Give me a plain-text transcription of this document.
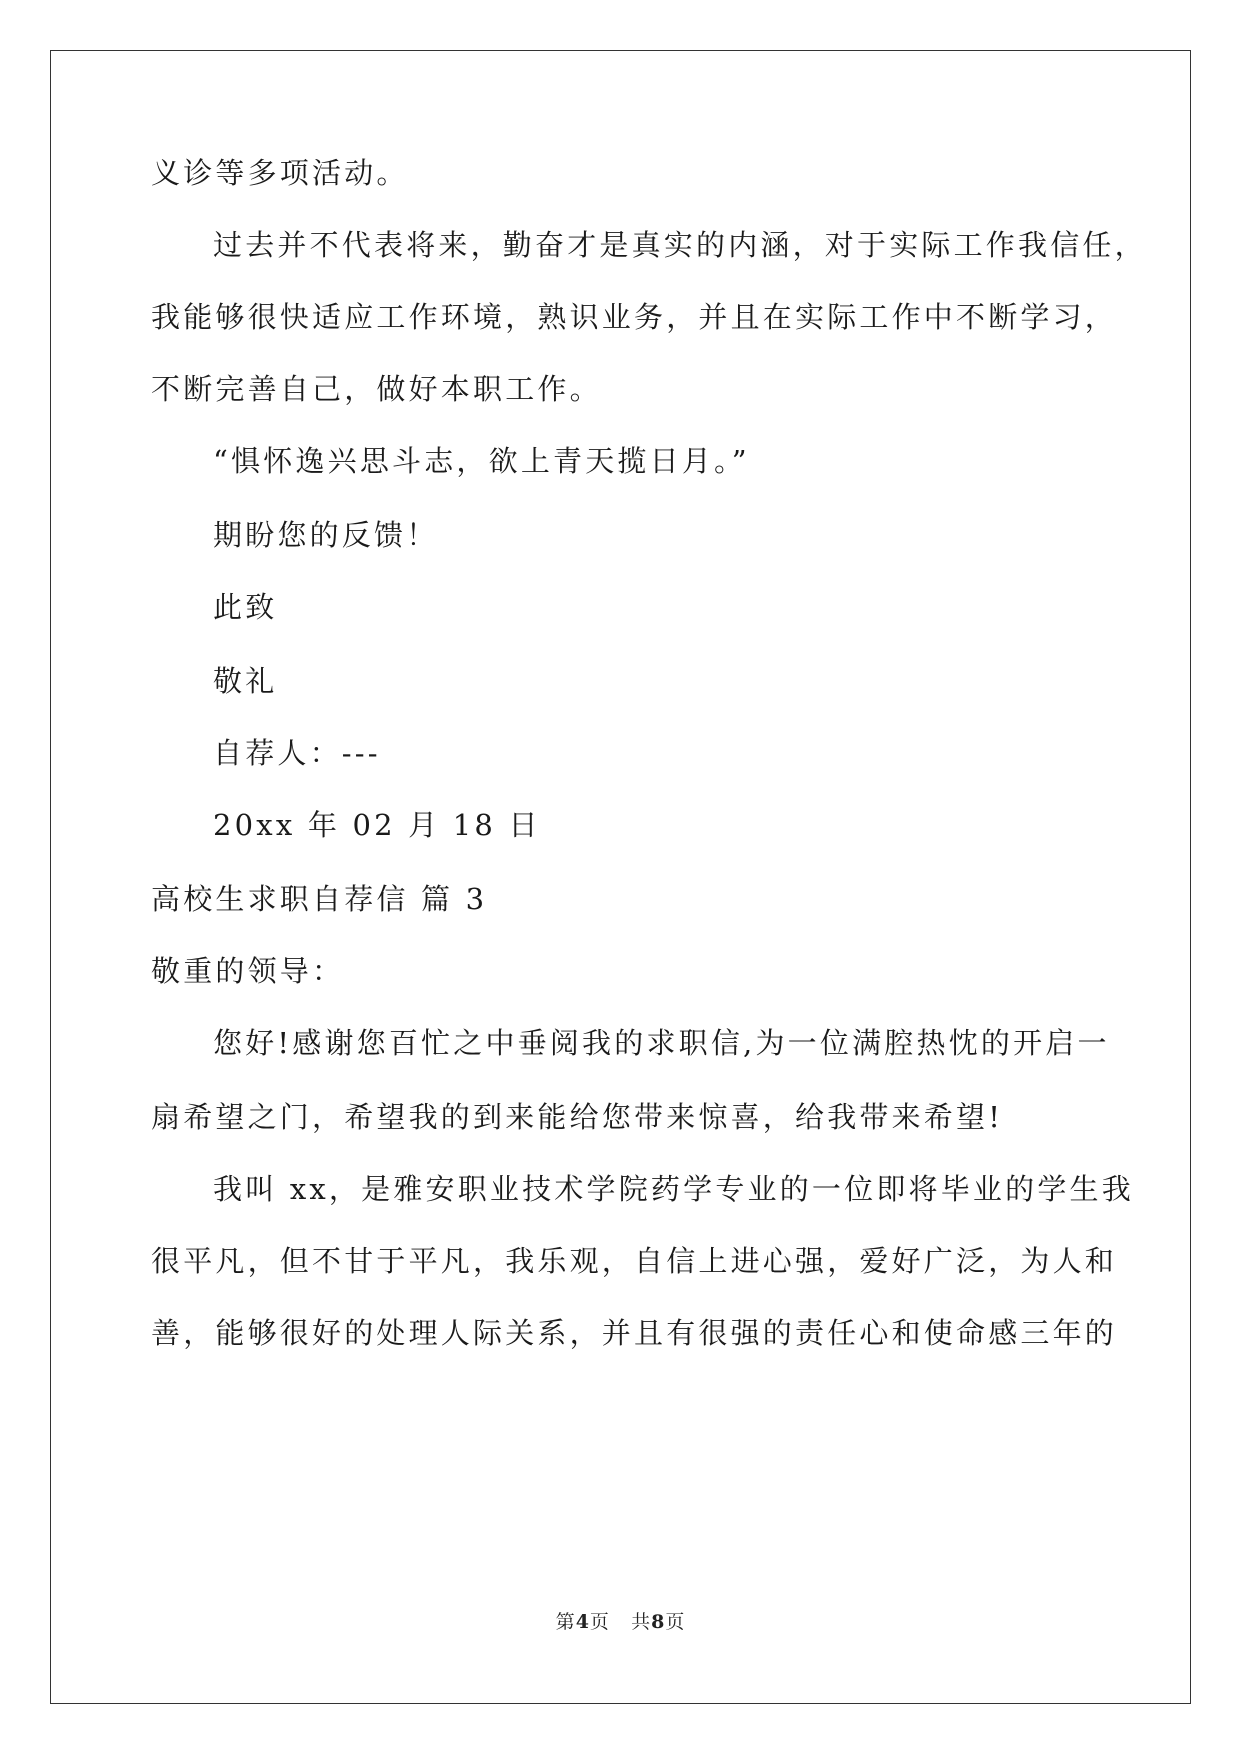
义诊等多项活动。
过去并不代表将来，勤奋才是真实的内涵，对于实际工作我信任，
我能够很快适应工作环境，熟识业务，并且在实际工作中不断学习，
不断完善自己，做好本职工作。
“惧怀逸兴思斗志，欲上青天揽日月。”
期盼您的反馈！
此致
敬礼
自荐人：---
20xx 年 02 月 18 日
高校生求职自荐信 篇 3
敬重的领导：
您好!感谢您百忙之中垂阅我的求职信,为一位满腔热忱的开启一
扇希望之门，希望我的到来能给您带来惊喜，给我带来希望!
我叫 xx，是雅安职业技术学院药学专业的一位即将毕业的学生我
很平凡，但不甘于平凡，我乐观，自信上进心强，爱好广泛，为人和
善，能够很好的处理人际关系，并且有很强的责任心和使命感三年的
第4页 共8页
